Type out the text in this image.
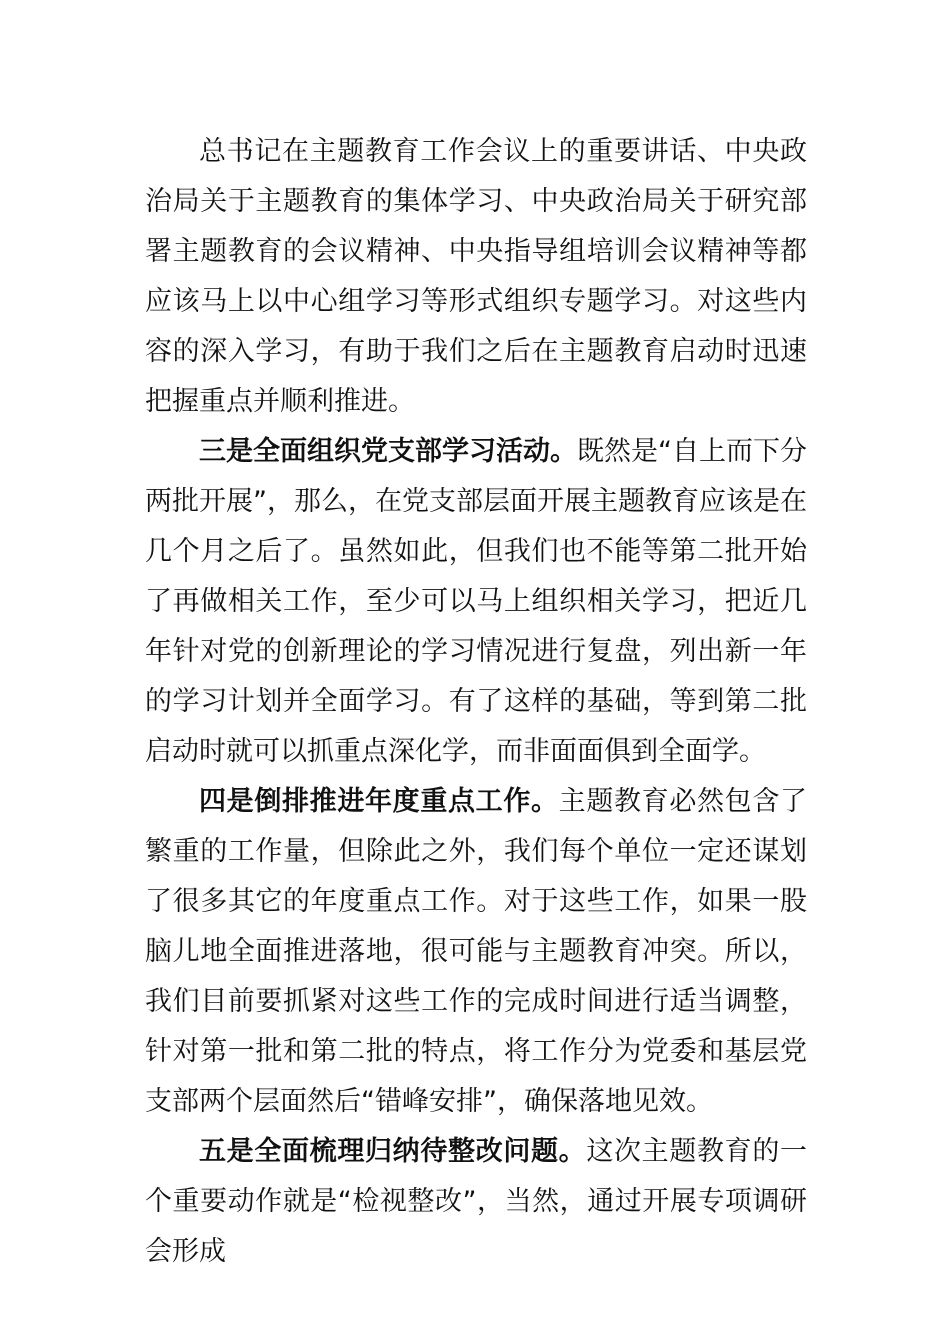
总书记在主题教育工作会议上的重要讲话、中央政治局关于主题教育的集体学习、中央政治局关于研究部署主题教育的会议精神、中央指导组培训会议精神等都应该马上以中心组学习等形式组织专题学习。对这些内容的深入学习，有助于我们之后在主题教育启动时迅速把握重点并顺利推进。

三是全面组织党支部学习活动。既然是“自上而下分两批开展”，那么，在党支部层面开展主题教育应该是在几个月之后了。虽然如此，但我们也不能等第二批开始了再做相关工作，至少可以马上组织相关学习，把近几年针对党的创新理论的学习情况进行复盘，列出新一年的学习计划并全面学习。有了这样的基础，等到第二批启动时就可以抓重点深化学，而非面面俱到全面学。

四是倒排推进年度重点工作。主题教育必然包含了繁重的工作量，但除此之外，我们每个单位一定还谋划了很多其它的年度重点工作。对于这些工作，如果一股脑儿地全面推进落地，很可能与主题教育冲突。所以，我们目前要抓紧对这些工作的完成时间进行适当调整，针对第一批和第二批的特点，将工作分为党委和基层党支部两个层面然后“错峰安排”，确保落地见效。

五是全面梳理归纳待整改问题。这次主题教育的一个重要动作就是“检视整改”，当然，通过开展专项调研会形成
